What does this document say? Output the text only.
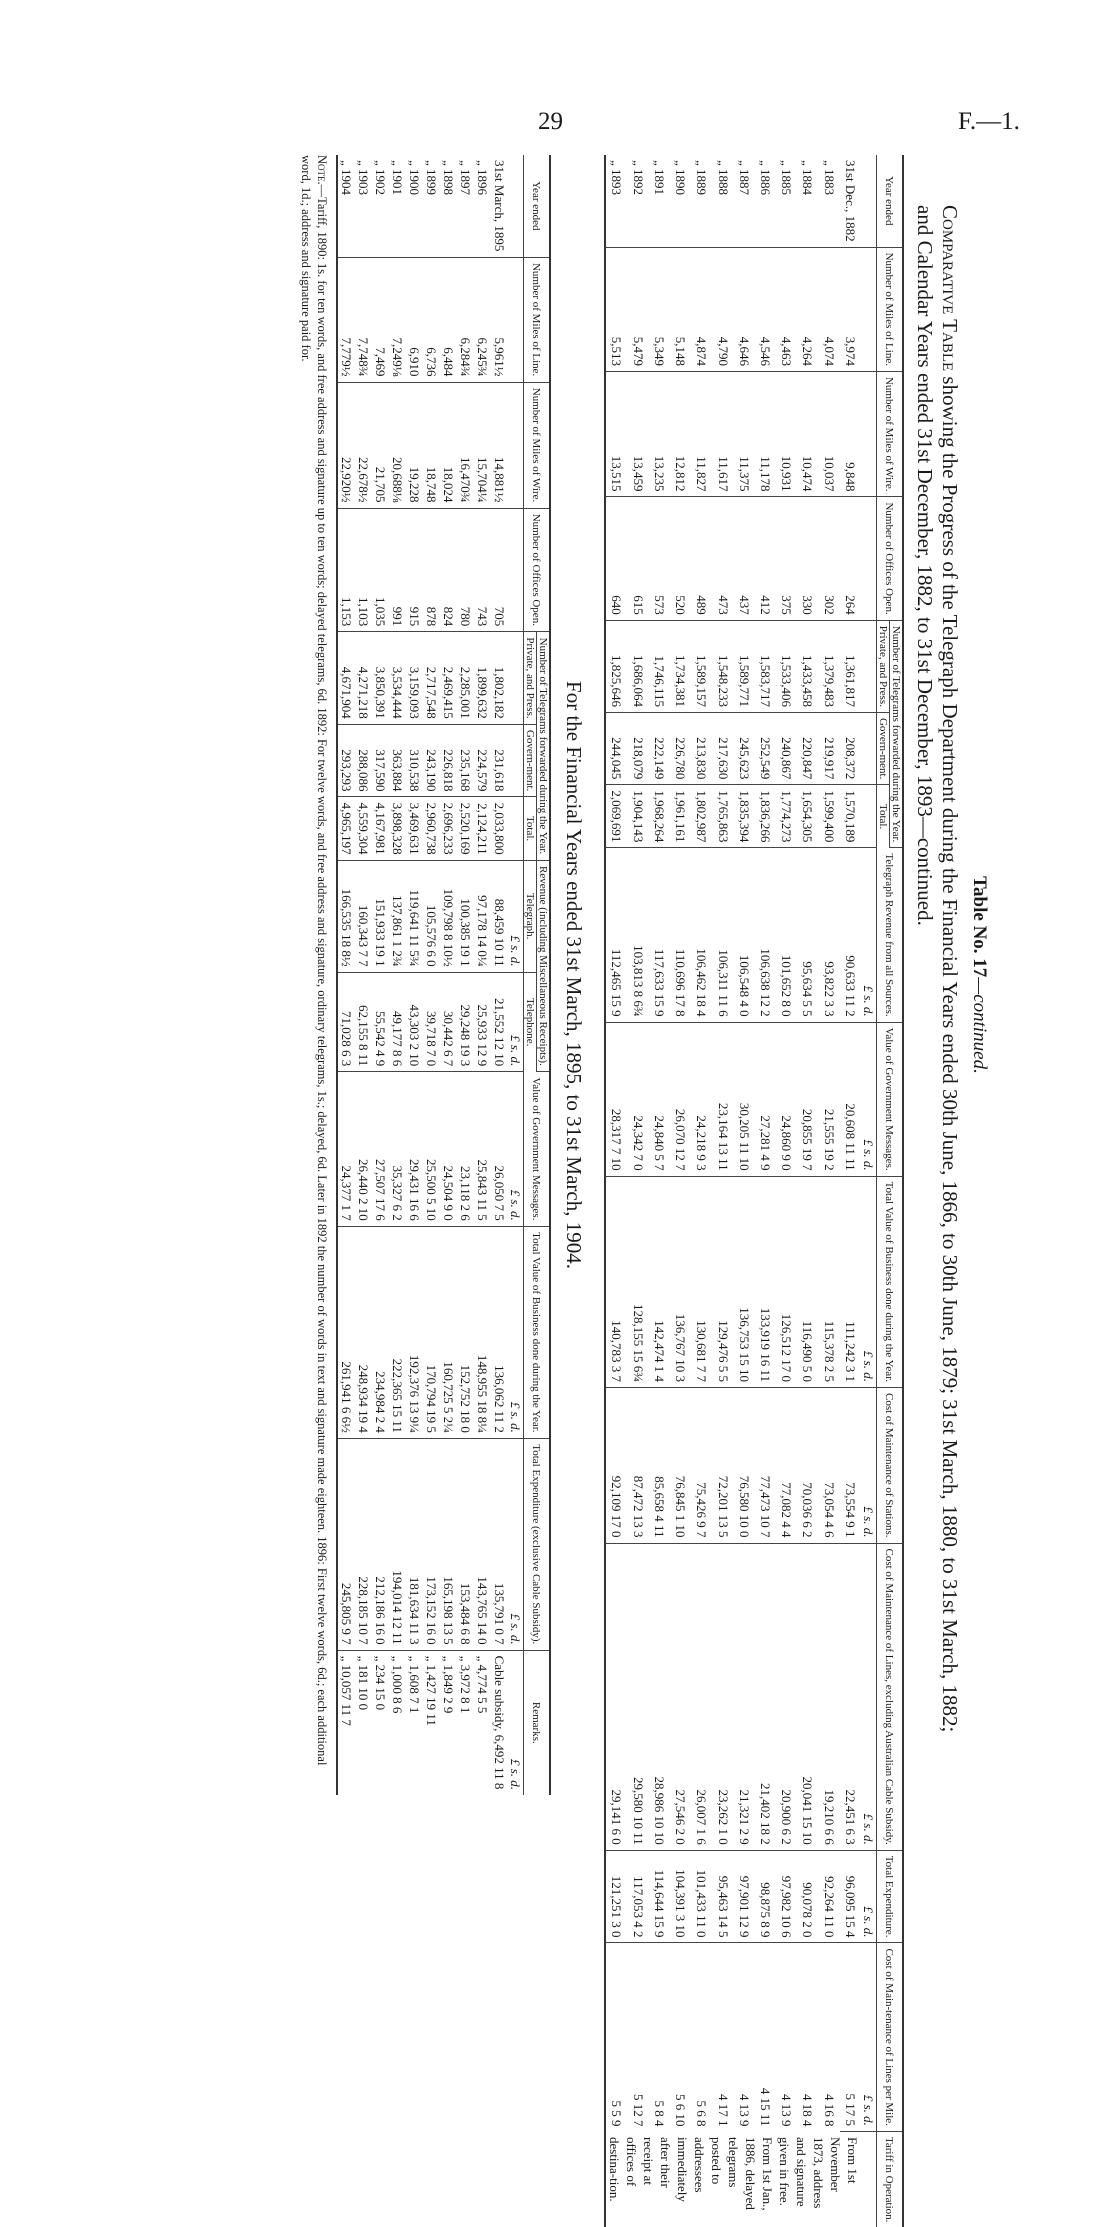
29	F.—1.
Table No. 17—continued.
Comparative Table showing the Progress of the Telegraph Department during the Financial Years ended 30th June, 1866, to 30th June, 1879; 31st March, 1880, to 31st March, 1882; and Calendar Years ended 31st December, 1882, to 31st December, 1893—continued.
Year ended	Number of Miles of Line.	Number of Miles of Wire.	Number of Offices Open.	Number of Telegrams forwarded during the Year.			Telegraph Revenue from all Sources.	Value of Government Messages.	Total Value of Business done during the Year.	Cost of Maintenance of Stations.	Cost of Maintenance of Lines, excluding Australian Cable Subsidy.	Total Expenditure.	Cost of Main-tenance of Lines per Mile.	Tariff in Operation.
				Private, and Press.	Govern-ment.	Total.								
							£ s. d.	£ s. d.	£ s. d.	£ s. d.	£ s. d.	£ s. d.	£ s. d.	
31st Dec., 1882	3,974	9,848	264	1,361,817	208,372	1,570,189	90,633 11 2	20,608 11 11	111,242 3 1	73,554 9 1	22,451 6 3	96,095 15 4	5 17 5	From 1st November 1873, address and signature given in free. From 1st Jan., 1886, delayed telegrams posted to addressees immediately after their receipt at offices of destina-tion.
„ 1883	4,074	10,037	302	1,379,483	219,917	1,599,400	93,822 3 3	21,555 19 2	115,378 2 5	73,054 4 6	19,210 6 6	92,264 11 0	4 16 8	
„ 1884	4,264	10,474	330	1,433,458	220,847	1,654,305	95,634 5 5	20,855 19 7	116,490 5 0	70,036 6 2	20,041 15 10	90,078 2 0	4 18 4	
„ 1885	4,463	10,931	375	1,533,406	240,867	1,774,273	101,652 8 0	24,860 9 0	126,512 17 0	77,082 4 4	20,900 6 2	97,982 10 6	4 13 9	
„ 1886	4,546	11,178	412	1,583,717	252,549	1,836,266	106,638 12 2	27,281 4 9	133,919 16 11	77,473 10 7	21,402 18 2	98,875 8 9	4 15 11	
„ 1887	4,646	11,375	437	1,589,771	245,623	1,835,394	106,548 4 0	30,205 11 10	136,753 15 10	76,580 10 0	21,321 2 9	97,901 12 9	4 13 9	
„ 1888	4,790	11,617	473	1,548,233	217,630	1,765,863	106,311 11 6	23,164 13 11	129,476 5 5	72,201 13 5	23,262 1 0	95,463 14 5	4 17 1	
„ 1889	4,874	11,827	489	1,589,157	213,830	1,802,987	106,462 18 4	24,218 9 3	130,681 7 7	75,426 9 7	26,007 1 6	101,433 11 0	5 6 8	
„ 1890	5,148	12,812	520	1,734,381	226,780	1,961,161	110,696 17 8	26,070 12 7	136,767 10 3	76,845 1 10	27,546 2 0	104,391 3 10	5 6 10	
„ 1891	5,349	13,235	573	1,746,115	222,149	1,968,264	117,633 15 9	24,840 5 7	142,474 1 4	85,658 4 11	28,986 10 10	114,644 15 9	5 8 4	
„ 1892	5,479	13,459	615	1,686,064	218,079	1,904,143	103,813 8 6¾	24,342 7 0	128,155 15 6¾	87,472 13 3	29,580 10 11	117,053 4 2	5 12 7	
„ 1893	5,513	13,515	640	1,825,646	244,045	2,069,691	112,465 15 9	28,317 7 10	140,783 3 7	92,109 17 0	29,141 6 0	121,251 3 0	5 5 9	
For the Financial Years ended 31st March, 1895, to 31st March, 1904.
Year ended	Number of Miles of Line.	Number of Miles of Wire.	Number of Offices Open.	Number of Telegrams forwarded during the Year.			Revenue (including Miscellaneous Receipts).		Value of Government Messages.	Total Value of Business done during the Year.	Total Expenditure (exclusive Cable Subsidy).	Remarks.
				Private, and Press.	Govern-ment.	Total.	Telegraph.	Telephone.				
							£ s. d.	£ s. d.	£ s. d.	£ s. d.	£ s. d.	£ s. d.
31st March, 1895	5,961½	14,881½	705	1,802,182	231,618	2,033,800	88,459 10 11	21,552 12 10	26,050 7 5	136,062 11 2	135,791 0 7	Cable subsidy, 6,492 11 8
„ 1896	6,245¾	15,704¼	743	1,899,632	224,579	2,124,211	97,178 14 0¼	25,933 12 9	25,843 11 5	148,955 18 8¼	143,765 14 0	„ 4,774 5 5
„ 1897	6,284¾	16,470¾	780	2,285,001	235,168	2,520,169	100,385 19 1	29,248 19 3	23,118 2 6	152,752 18 0	153,484 6 8	„ 3,972 8 1
„ 1898	6,484	18,024	824	2,469,415	226,818	2,696,233	109,798 8 10½	30,442 6 7	24,504 9 0	160,725 5 2¼	165,198 13 5	„ 1,849 2 9
„ 1899	6,736	18,748	878	2,717,548	243,190	2,960,738	105,576 6 0	39,718 7 0	25,500 5 10	170,794 19 5	173,152 16 0	„ 1,427 19 11
„ 1900	6,910	19,228	915	3,159,093	310,538	3,469,631	119,641 11 5¾	43,303 2 10	29,431 16 6	192,376 13 9¼	181,634 11 3	„ 1,608 7 1
„ 1901	7,249⅛	20,688⅛	991	3,534,444	363,884	3,898,328	137,861 1 2¾	49,177 8 6	35,327 6 2	222,365 15 11	194,014 12 11	„ 1,000 8 6
„ 1902	7,469	21,705	1,035	3,850,391	317,590	4,167,981	151,933 19 1	55,542 4 9	27,507 17 6	234,984 2 4	212,186 16 0	„ 234 15 0
„ 1903	7,748¾	22,678½	1,103	4,271,218	288,086	4,559,304	160,343 7 7	62,155 8 11	26,440 2 10	248,934 19 4	228,185 10 7	„ 181 10 0
„ 1904	7,779½	22,920½	1,153	4,671,904	293,293	4,965,197	166,535 18 8½	71,028 6 3	24,377 1 7	261,941 6 6½	245,805 9 7	„ 10,057 11 7
Note.—Tariff, 1890: 1s. for ten words, and free address and signature up to ten words; delayed telegrams, 6d. 1892: For twelve words, and free address and signature, ordinary telegrams, 1s.; delayed, 6d. Later in 1892 the number of words in text and signature made eighteen. 1896: First twelve words, 6d.; each additional word, 1d.; address and signature paid for.
